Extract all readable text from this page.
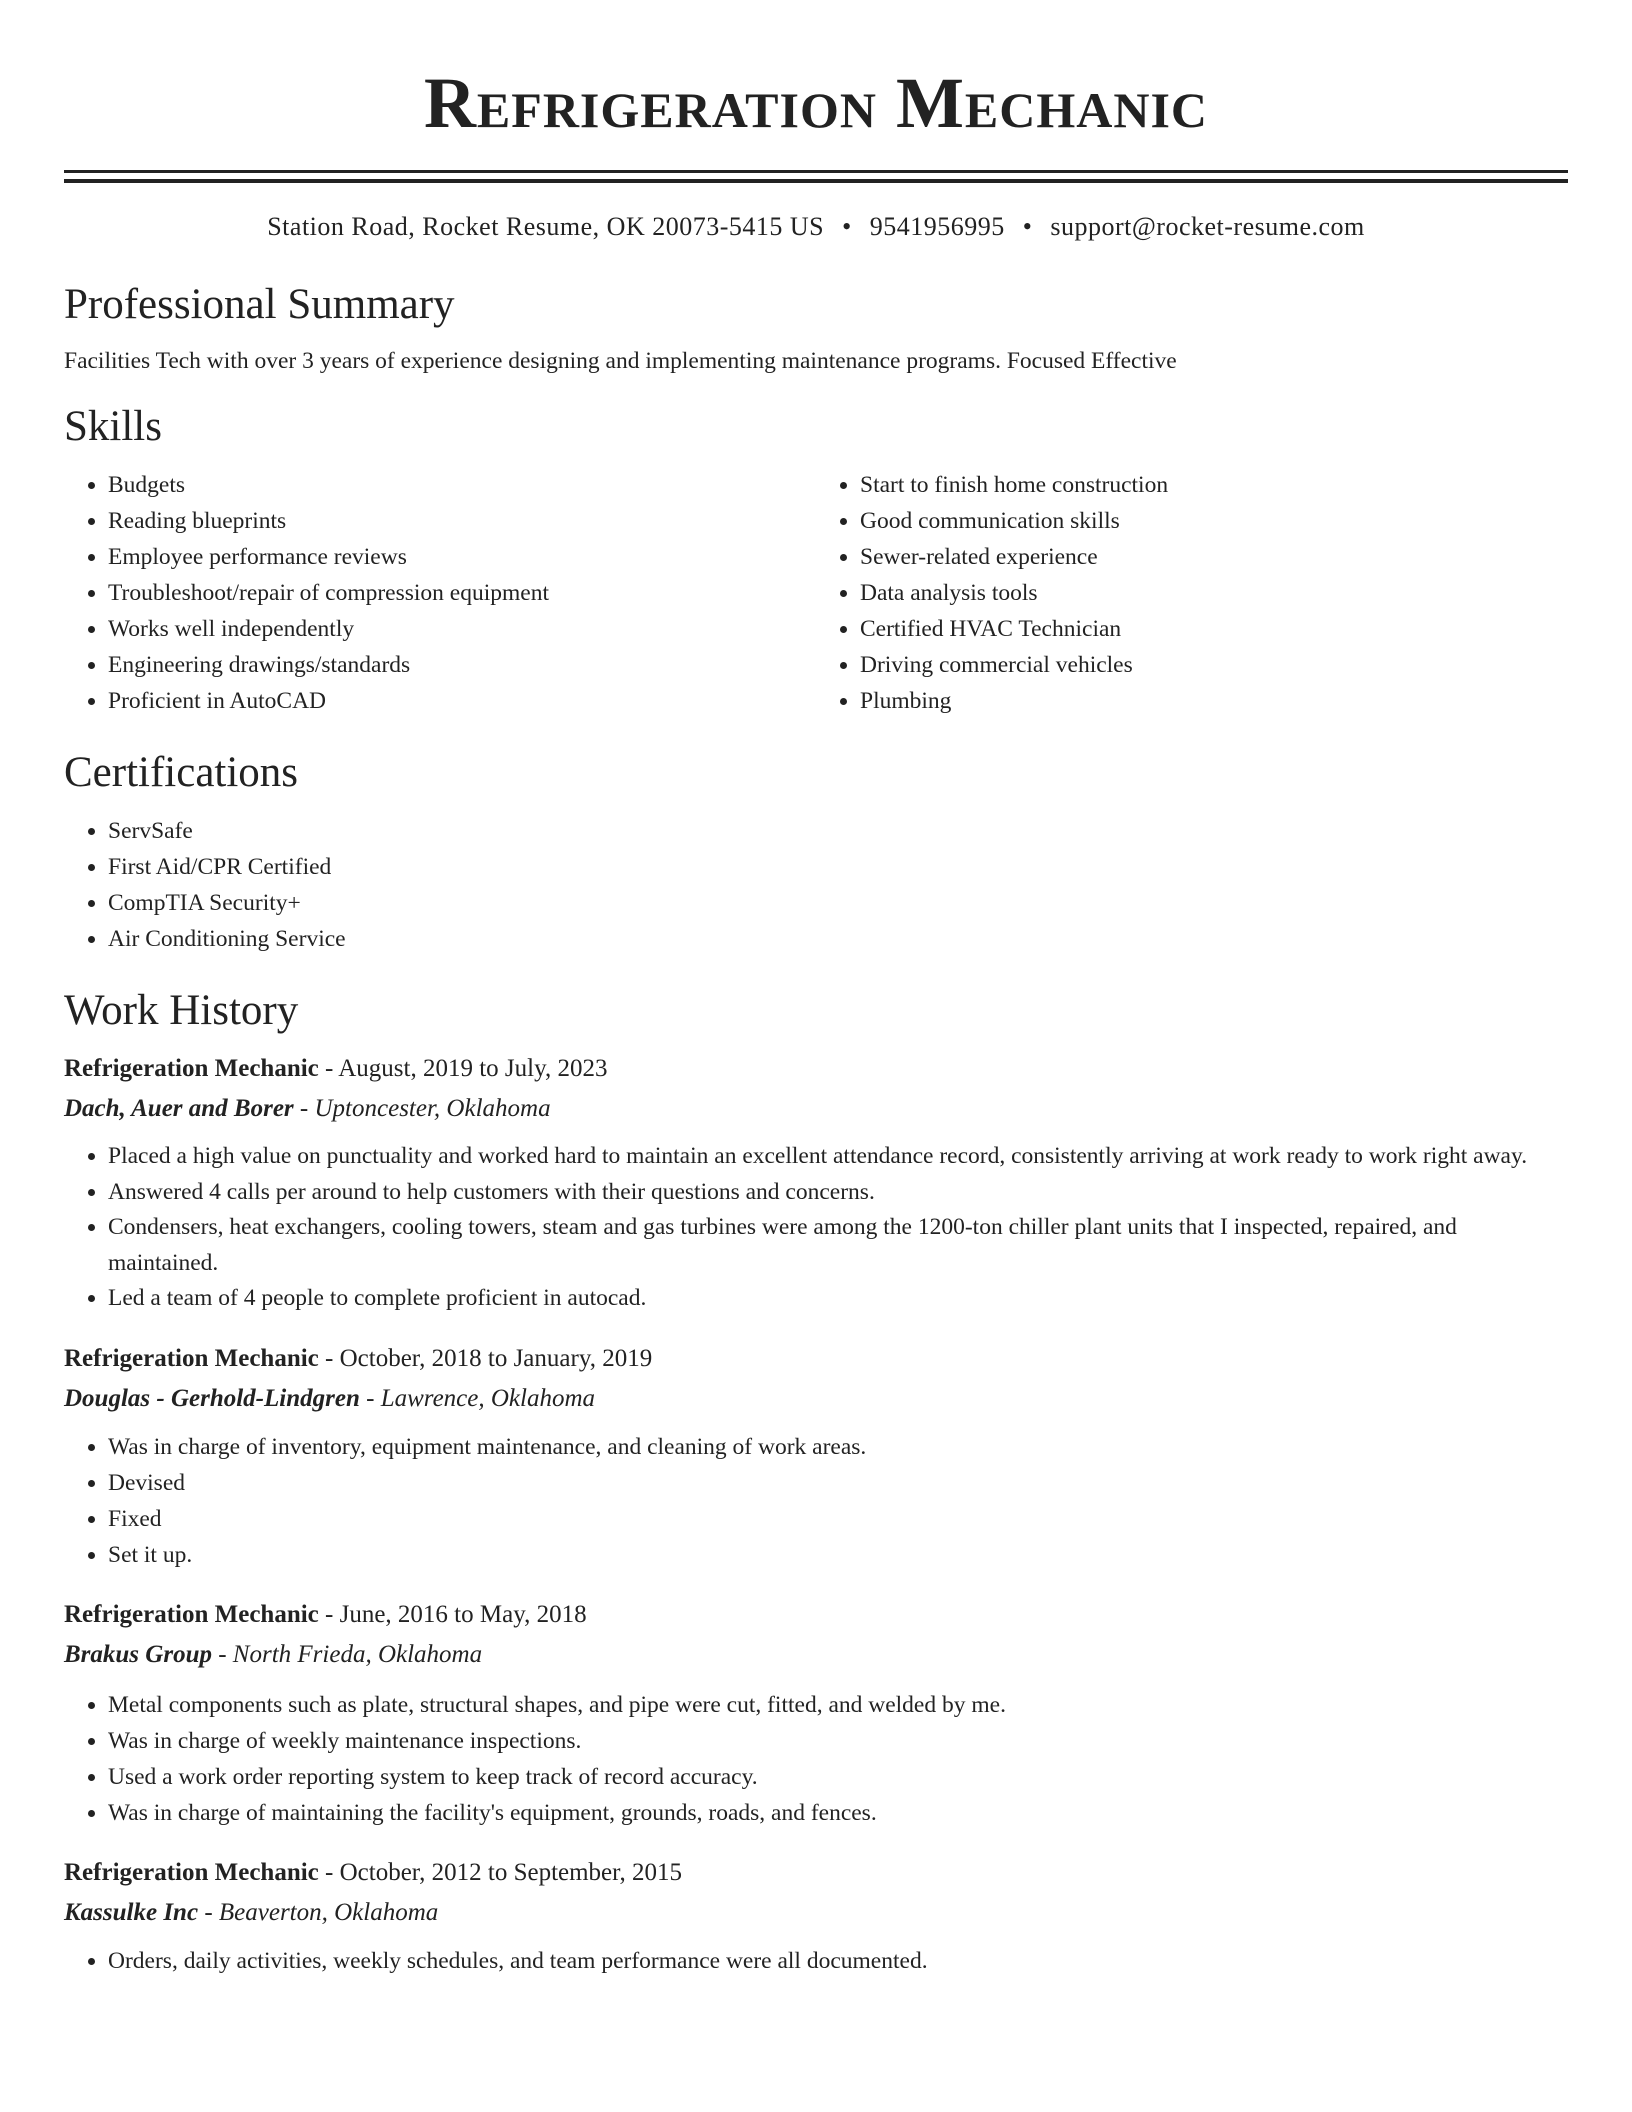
Refrigeration Mechanic
Station Road, Rocket Resume, OK 20073-5415 US • 9541956995 • support@rocket-resume.com
Professional Summary
Facilities Tech with over 3 years of experience designing and implementing maintenance programs. Focused Effective
Skills
• Budgets
• Reading blueprints
• Employee performance reviews
• Troubleshoot/repair of compression equipment
• Works well independently
• Engineering drawings/standards
• Proficient in AutoCAD
• Start to finish home construction
• Good communication skills
• Sewer-related experience
• Data analysis tools
• Certified HVAC Technician
• Driving commercial vehicles
• Plumbing
Certifications
• ServSafe
• First Aid/CPR Certified
• CompTIA Security+
• Air Conditioning Service
Work History
Refrigeration Mechanic - August, 2019 to July, 2023
Dach, Auer and Borer - Uptoncester, Oklahoma
• Placed a high value on punctuality and worked hard to maintain an excellent attendance record, consistently arriving at work ready to work right away.
• Answered 4 calls per around to help customers with their questions and concerns.
• Condensers, heat exchangers, cooling towers, steam and gas turbines were among the 1200-ton chiller plant units that I inspected, repaired, and maintained.
• Led a team of 4 people to complete proficient in autocad.
Refrigeration Mechanic - October, 2018 to January, 2019
Douglas - Gerhold-Lindgren - Lawrence, Oklahoma
• Was in charge of inventory, equipment maintenance, and cleaning of work areas.
• Devised
• Fixed
• Set it up.
Refrigeration Mechanic - June, 2016 to May, 2018
Brakus Group - North Frieda, Oklahoma
• Metal components such as plate, structural shapes, and pipe were cut, fitted, and welded by me.
• Was in charge of weekly maintenance inspections.
• Used a work order reporting system to keep track of record accuracy.
• Was in charge of maintaining the facility's equipment, grounds, roads, and fences.
Refrigeration Mechanic - October, 2012 to September, 2015
Kassulke Inc - Beaverton, Oklahoma
• Orders, daily activities, weekly schedules, and team performance were all documented.
